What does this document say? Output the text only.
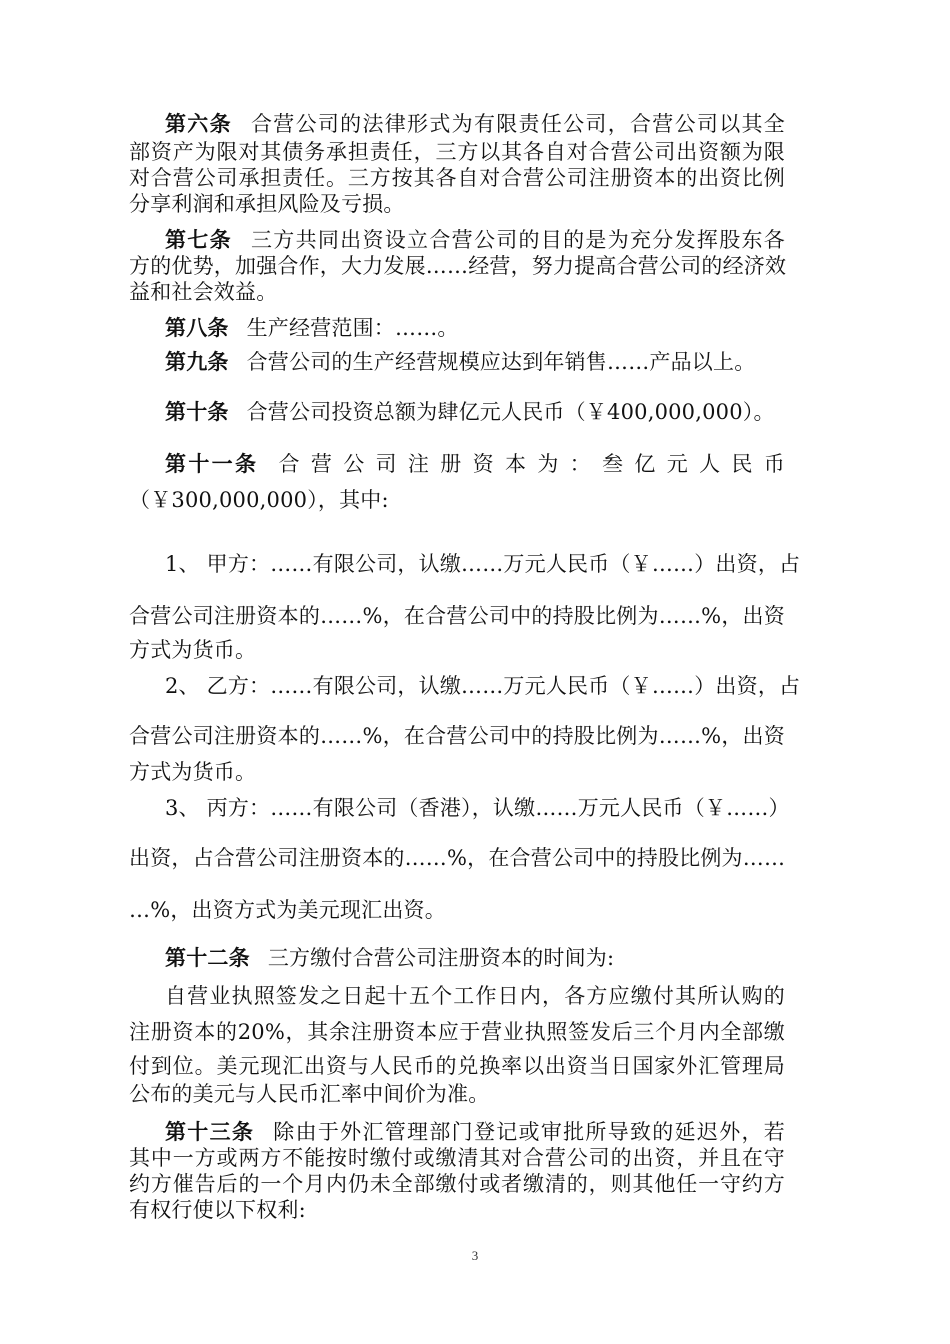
第六条 合营公司的法律形式为有限责任公司，合营公司以其全
部资产为限对其债务承担责任，三方以其各自对合营公司出资额为限
对合营公司承担责任。三方按其各自对合营公司注册资本的出资比例
分享利润和承担风险及亏损。
第七条 三方共同出资设立合营公司的目的是为充分发挥股东各
方的优势，加强合作，大力发展……经营，努力提高合营公司的经济效
益和社会效益。
第八条 生产经营范围：……。
第九条 合营公司的生产经营规模应达到年销售……产品以上。
第十条 合营公司投资总额为肆亿元人民币（￥400,000,000）。
第十一条 合 营 公 司 注 册 资 本 为 ： 叁 亿 元 人 民 币
（￥300,000,000），其中:
1、 甲方：……有限公司，认缴……万元人民币（￥……）出资，占
合营公司注册资本的……%，在合营公司中的持股比例为……%，出资
方式为货币。
2、 乙方：……有限公司，认缴……万元人民币（￥……）出资，占
合营公司注册资本的……%，在合营公司中的持股比例为……%，出资
方式为货币。
3、 丙方：……有限公司（香港），认缴……万元人民币（￥……）
出资，占合营公司注册资本的……%，在合营公司中的持股比例为……
…%，出资方式为美元现汇出资。
第十二条 三方缴付合营公司注册资本的时间为:
自营业执照签发之日起十五个工作日内，各方应缴付其所认购的
注册资本的20%，其余注册资本应于营业执照签发后三个月内全部缴
付到位。美元现汇出资与人民币的兑换率以出资当日国家外汇管理局
公布的美元与人民币汇率中间价为准。
第十三条 除由于外汇管理部门登记或审批所导致的延迟外，若
其中一方或两方不能按时缴付或缴清其对合营公司的出资，并且在守
约方催告后的一个月内仍未全部缴付或者缴清的，则其他任一守约方
有权行使以下权利:
3
